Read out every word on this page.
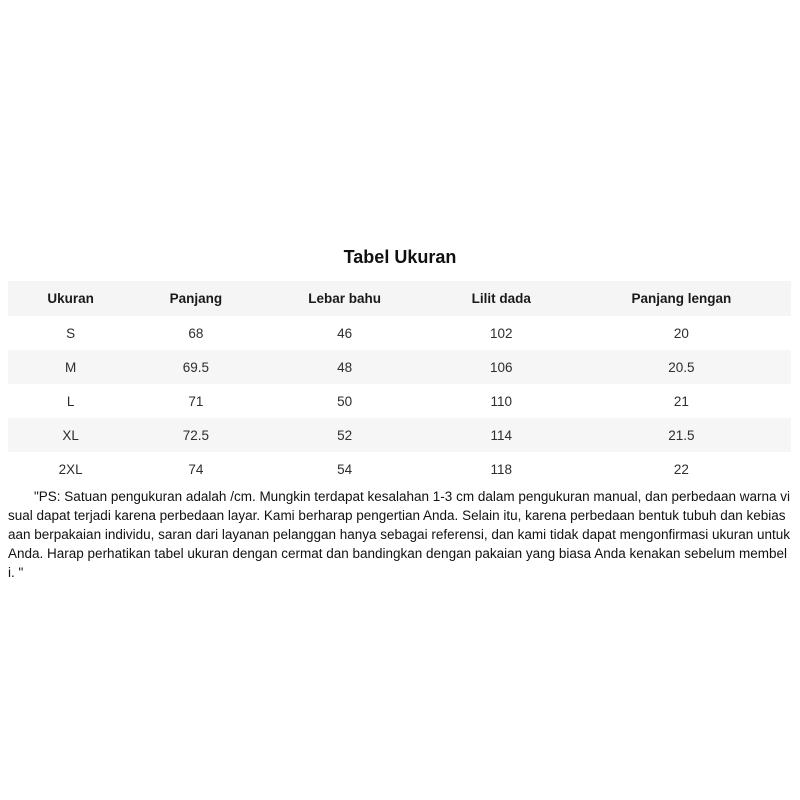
Tabel Ukuran
Ukuran	Panjang	Lebar bahu	Lilit dada	Panjang lengan
S	68	46	102	20
M	69.5	48	106	20.5
L	71	50	110	21
XL	72.5	52	114	21.5
2XL	74	54	118	22

"PS: Satuan pengukuran adalah /cm. Mungkin terdapat kesalahan 1-3 cm dalam pengukuran manual, dan perbedaan warna visual dapat terjadi karena perbedaan layar. Kami berharap pengertian Anda. Selain itu, karena perbedaan bentuk tubuh dan kebiasaan berpakaian individu, saran dari layanan pelanggan hanya sebagai referensi, dan kami tidak dapat mengonfirmasi ukuran untuk Anda. Harap perhatikan tabel ukuran dengan cermat dan bandingkan dengan pakaian yang biasa Anda kenakan sebelum membeli. "
